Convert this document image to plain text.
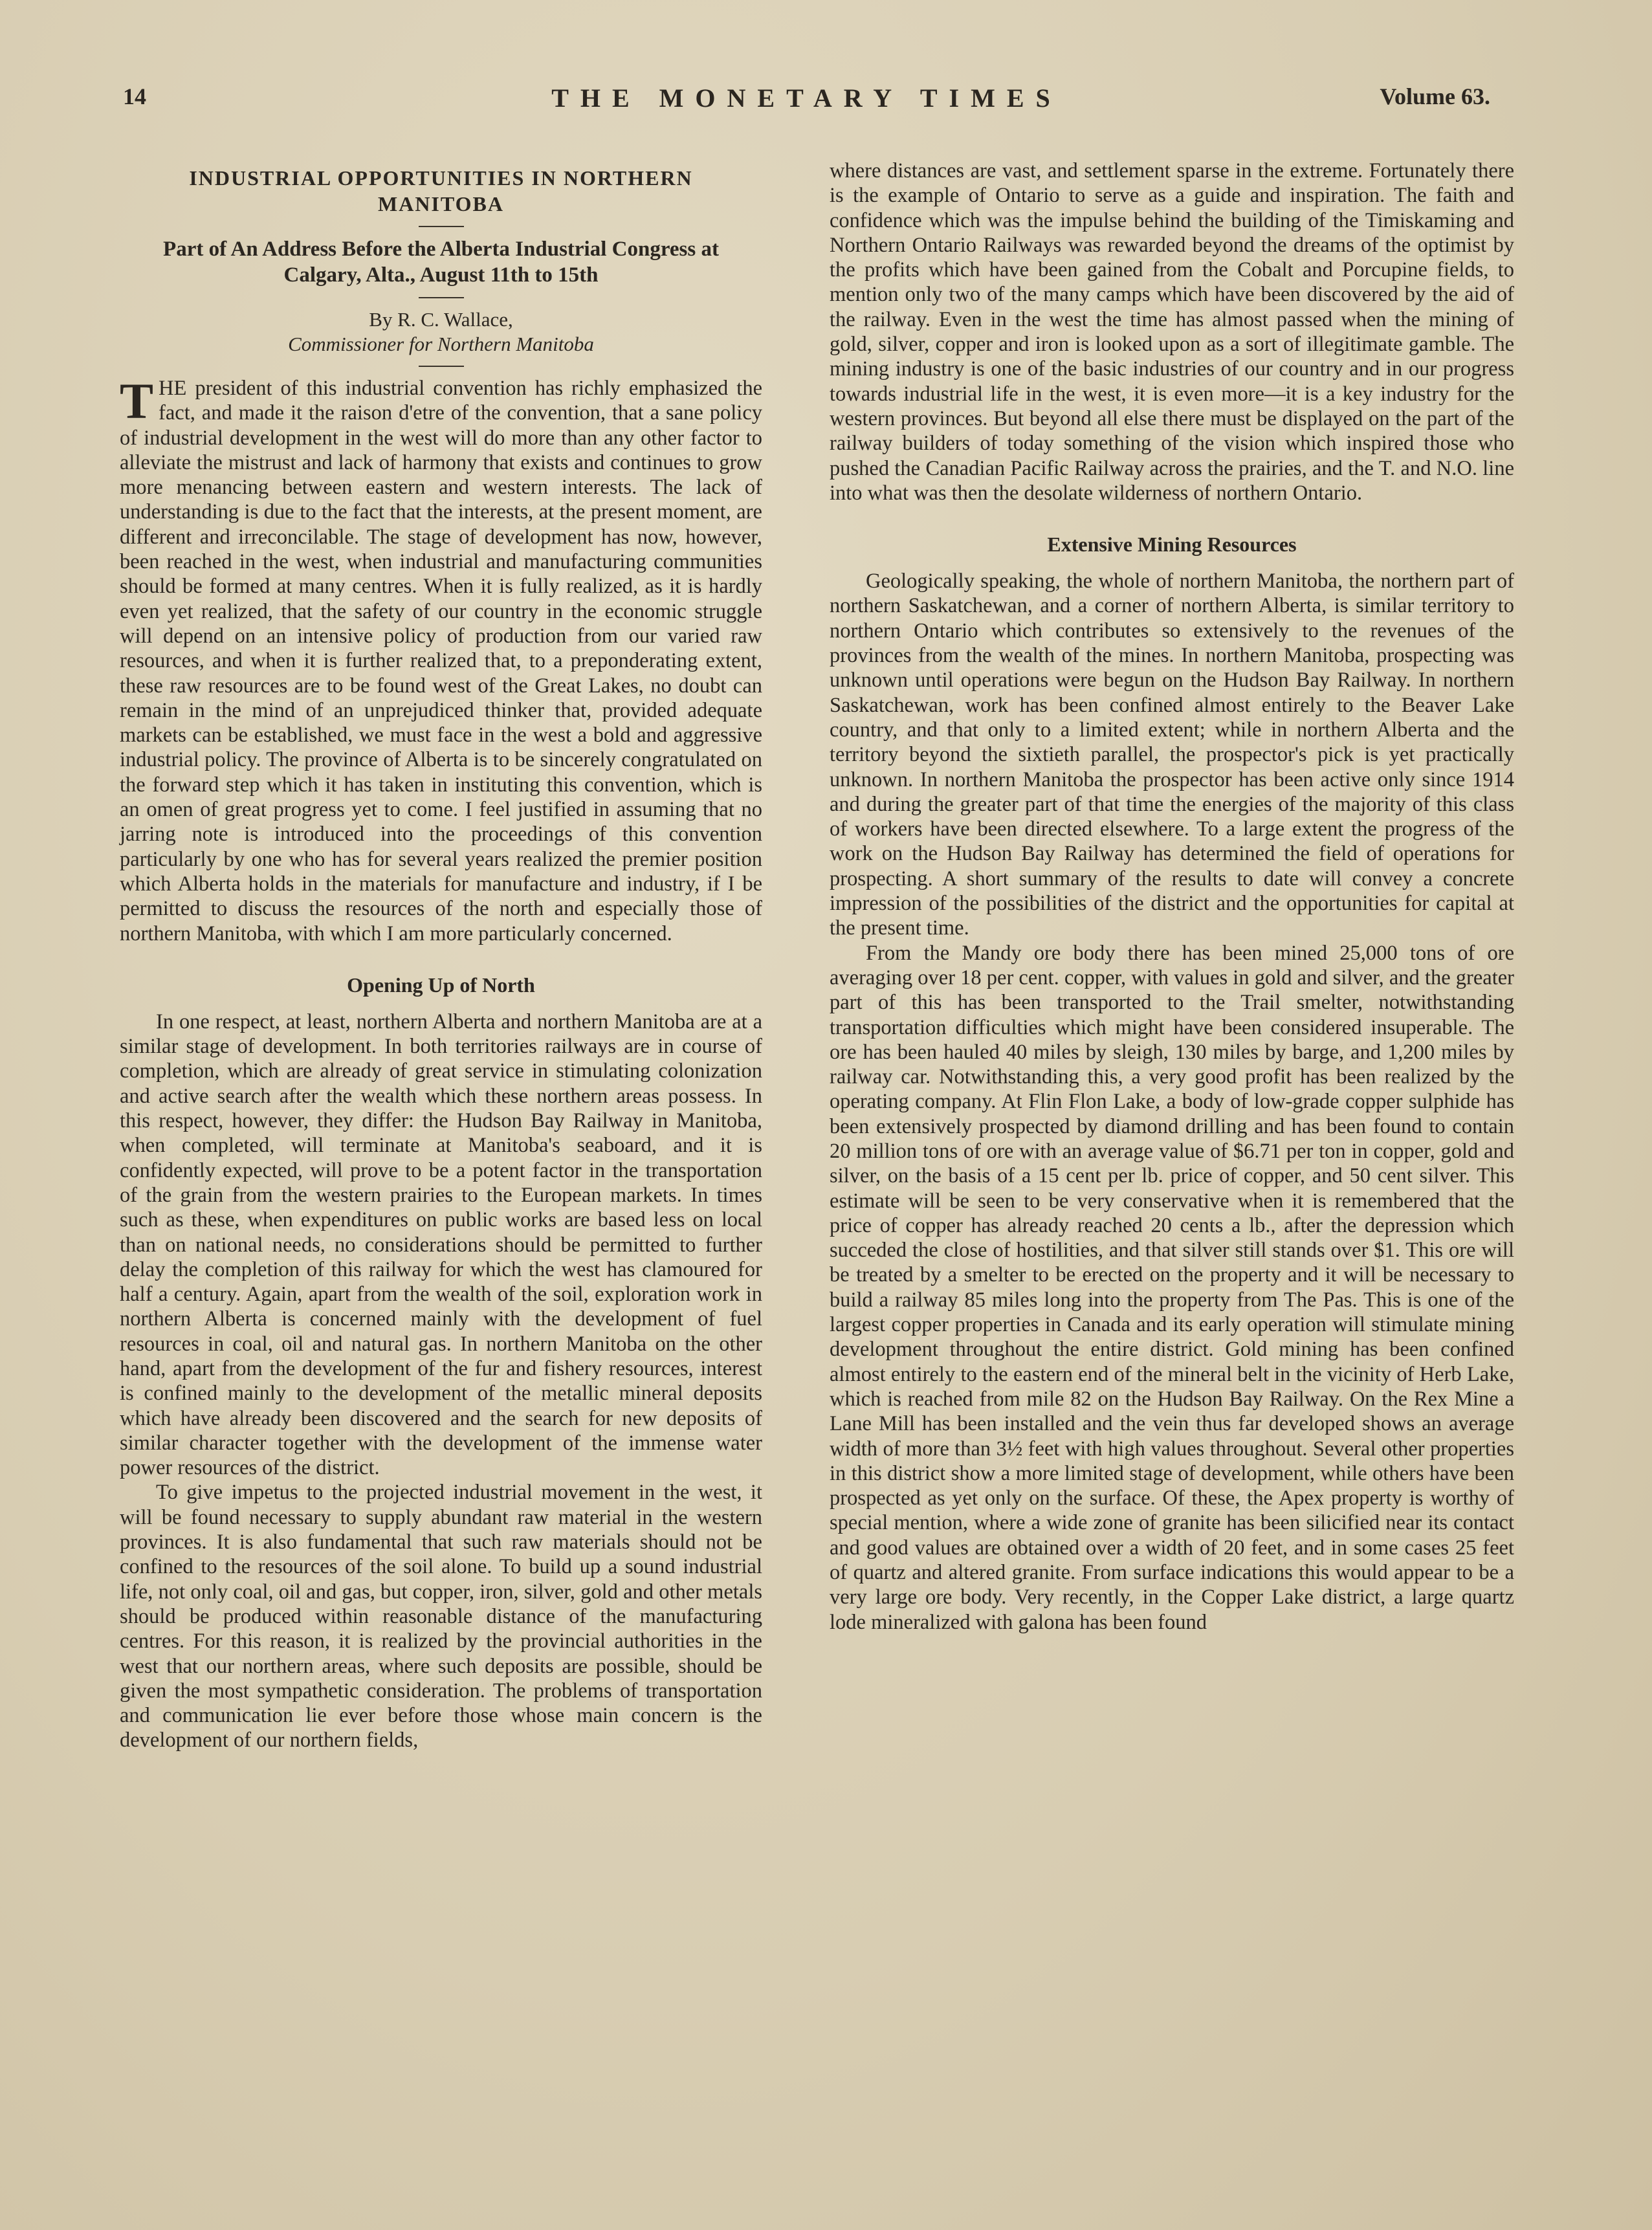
14	THE MONETARY TIMES	Volume 63.
INDUSTRIAL OPPORTUNITIES IN NORTHERN MANITOBA
Part of An Address Before the Alberta Industrial Congress at Calgary, Alta., August 11th to 15th
By R. C. Wallace,
Commissioner for Northern Manitoba

THE president of this industrial convention has richly emphasized the fact, and made it the raison d'etre of the convention, that a sane policy of industrial development in the west will do more than any other factor to alleviate the mistrust and lack of harmony that exists and continues to grow more menancing between eastern and western interests. The lack of understanding is due to the fact that the interests, at the present moment, are different and irreconcilable. The stage of development has now, however, been reached in the west, when industrial and manufacturing communities should be formed at many centres. When it is fully realized, as it is hardly even yet realized, that the safety of our country in the economic struggle will depend on an intensive policy of production from our varied raw resources, and when it is further realized that, to a preponderating extent, these raw resources are to be found west of the Great Lakes, no doubt can remain in the mind of an unprejudiced thinker that, provided adequate markets can be established, we must face in the west a bold and aggressive industrial policy. The province of Alberta is to be sincerely congratulated on the forward step which it has taken in instituting this convention, which is an omen of great progress yet to come. I feel justified in assuming that no jarring note is introduced into the proceedings of this convention particularly by one who has for several years realized the premier position which Alberta holds in the materials for manufacture and industry, if I be permitted to discuss the resources of the north and especially those of northern Manitoba, with which I am more particularly concerned.

Opening Up of North

In one respect, at least, northern Alberta and northern Manitoba are at a similar stage of development. In both territories railways are in course of completion, which are already of great service in stimulating colonization and active search after the wealth which these northern areas possess. In this respect, however, they differ: the Hudson Bay Railway in Manitoba, when completed, will terminate at Manitoba's seaboard, and it is confidently expected, will prove to be a potent factor in the transportation of the grain from the western prairies to the European markets. In times such as these, when expenditures on public works are based less on local than on national needs, no considerations should be permitted to further delay the completion of this railway for which the west has clamoured for half a century. Again, apart from the wealth of the soil, exploration work in northern Alberta is concerned mainly with the development of fuel resources in coal, oil and natural gas. In northern Manitoba on the other hand, apart from the development of the fur and fishery resources, interest is confined mainly to the development of the metallic mineral deposits which have already been discovered and the search for new deposits of similar character together with the development of the immense water power resources of the district.

To give impetus to the projected industrial movement in the west, it will be found necessary to supply abundant raw material in the western provinces. It is also fundamental that such raw materials should not be confined to the resources of the soil alone. To build up a sound industrial life, not only coal, oil and gas, but copper, iron, silver, gold and other metals should be produced within reasonable distance of the manufacturing centres. For this reason, it is realized by the provincial authorities in the west that our northern areas, where such deposits are possible, should be given the most sympathetic consideration. The problems of transportation and communication lie ever before those whose main concern is the development of our northern fields,

where distances are vast, and settlement sparse in the extreme. Fortunately there is the example of Ontario to serve as a guide and inspiration. The faith and confidence which was the impulse behind the building of the Timiskaming and Northern Ontario Railways was rewarded beyond the dreams of the optimist by the profits which have been gained from the Cobalt and Porcupine fields, to mention only two of the many camps which have been discovered by the aid of the railway. Even in the west the time has almost passed when the mining of gold, silver, copper and iron is looked upon as a sort of illegitimate gamble. The mining industry is one of the basic industries of our country and in our progress towards industrial life in the west, it is even more—it is a key industry for the western provinces. But beyond all else there must be displayed on the part of the railway builders of today something of the vision which inspired those who pushed the Canadian Pacific Railway across the prairies, and the T. and N.O. line into what was then the desolate wilderness of northern Ontario.

Extensive Mining Resources

Geologically speaking, the whole of northern Manitoba, the northern part of northern Saskatchewan, and a corner of northern Alberta, is similar territory to northern Ontario which contributes so extensively to the revenues of the provinces from the wealth of the mines. In northern Manitoba, prospecting was unknown until operations were begun on the Hudson Bay Railway. In northern Saskatchewan, work has been confined almost entirely to the Beaver Lake country, and that only to a limited extent; while in northern Alberta and the territory beyond the sixtieth parallel, the prospector's pick is yet practically unknown. In northern Manitoba the prospector has been active only since 1914 and during the greater part of that time the energies of the majority of this class of workers have been directed elsewhere. To a large extent the progress of the work on the Hudson Bay Railway has determined the field of operations for prospecting. A short summary of the results to date will convey a concrete impression of the possibilities of the district and the opportunities for capital at the present time.

From the Mandy ore body there has been mined 25,000 tons of ore averaging over 18 per cent. copper, with values in gold and silver, and the greater part of this has been transported to the Trail smelter, notwithstanding transportation difficulties which might have been considered insuperable. The ore has been hauled 40 miles by sleigh, 130 miles by barge, and 1,200 miles by railway car. Notwithstanding this, a very good profit has been realized by the operating company. At Flin Flon Lake, a body of low-grade copper sulphide has been extensively prospected by diamond drilling and has been found to contain 20 million tons of ore with an average value of $6.71 per ton in copper, gold and silver, on the basis of a 15 cent per lb. price of copper, and 50 cent silver. This estimate will be seen to be very conservative when it is remembered that the price of copper has already reached 20 cents a lb., after the depression which succeded the close of hostilities, and that silver still stands over $1. This ore will be treated by a smelter to be erected on the property and it will be necessary to build a railway 85 miles long into the property from The Pas. This is one of the largest copper properties in Canada and its early operation will stimulate mining development throughout the entire district. Gold mining has been confined almost entirely to the eastern end of the mineral belt in the vicinity of Herb Lake, which is reached from mile 82 on the Hudson Bay Railway. On the Rex Mine a Lane Mill has been installed and the vein thus far developed shows an average width of more than 3½ feet with high values throughout. Several other properties in this district show a more limited stage of development, while others have been prospected as yet only on the surface. Of these, the Apex property is worthy of special mention, where a wide zone of granite has been silicified near its contact and good values are obtained over a width of 20 feet, and in some cases 25 feet of quartz and altered granite. From surface indications this would appear to be a very large ore body. Very recently, in the Copper Lake district, a large quartz lode mineralized with galona has been found
